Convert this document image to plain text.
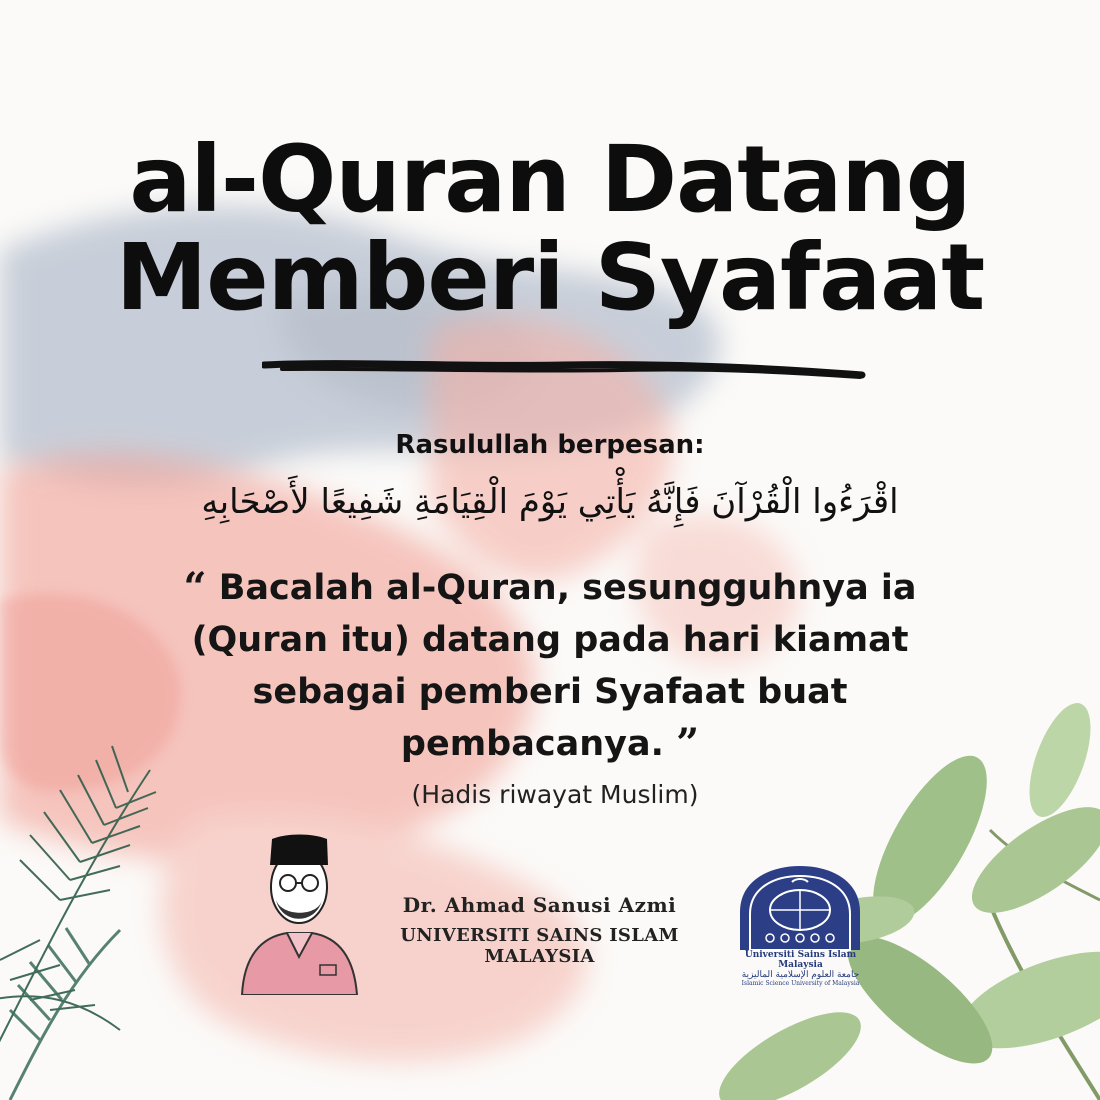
al-Quran Datang
Memberi Syafaat
Rasulullah berpesan:
اقْرَءُوا الْقُرْآنَ فَإِنَّهُ يَأْتِي يَوْمَ الْقِيَامَةِ شَفِيعًا لأَصْحَابِهِ
“ Bacalah al-Quran, sesungguhnya ia
(Quran itu) datang pada hari kiamat
sebagai pemberi Syafaat buat
pembacanya. ”
(Hadis riwayat Muslim)
Dr. Ahmad Sanusi Azmi
UNIVERSITI SAINS ISLAM MALAYSIA	Universiti Sains Islam Malaysia
جامعة العلوم الإسلامية الماليزية
Islamic Science University of Malaysia
